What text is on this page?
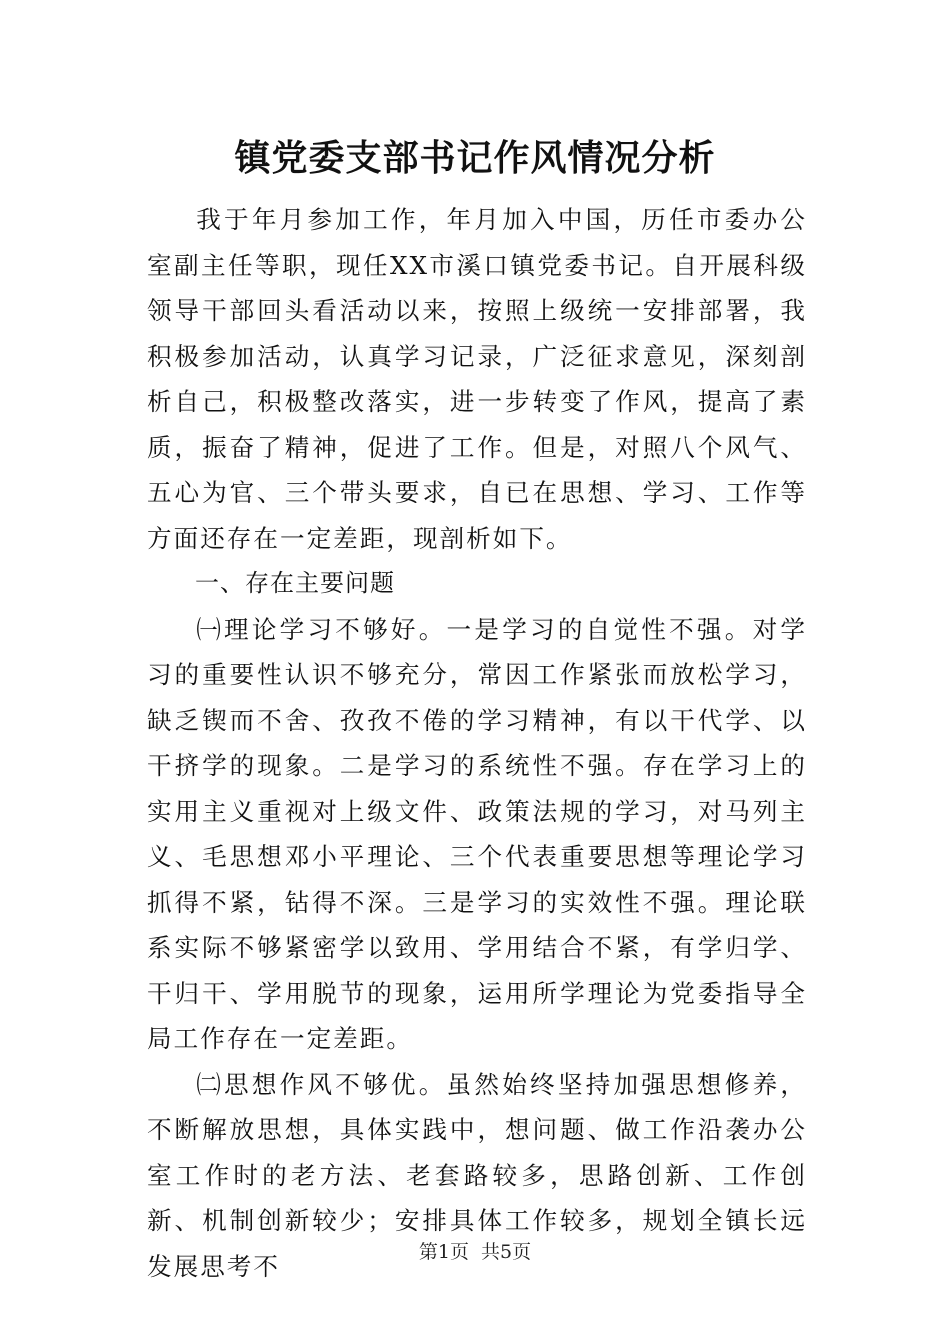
镇党委支部书记作风情况分析

我于年月参加工作，年月加入中国，历任市委办公室副主任等职，现任XX市溪口镇党委书记。自开展科级领导干部回头看活动以来，按照上级统一安排部署，我积极参加活动，认真学习记录，广泛征求意见，深刻剖析自己，积极整改落实，进一步转变了作风，提高了素质，振奋了精神，促进了工作。但是，对照八个风气、五心为官、三个带头要求，自已在思想、学习、工作等方面还存在一定差距，现剖析如下。

一、存在主要问题

㈠理论学习不够好。一是学习的自觉性不强。对学习的重要性认识不够充分，常因工作紧张而放松学习，缺乏锲而不舍、孜孜不倦的学习精神，有以干代学、以干挤学的现象。二是学习的系统性不强。存在学习上的实用主义重视对上级文件、政策法规的学习，对马列主义、毛思想邓小平理论、三个代表重要思想等理论学习抓得不紧，钻得不深。三是学习的实效性不强。理论联系实际不够紧密学以致用、学用结合不紧，有学归学、干归干、学用脱节的现象，运用所学理论为党委指导全局工作存在一定差距。

㈡思想作风不够优。虽然始终坚持加强思想修养，不断解放思想，具体实践中，想问题、做工作沿袭办公室工作时的老方法、老套路较多，思路创新、工作创新、机制创新较少；安排具体工作较多，规划全镇长远发展思考不	第1页 共5页
